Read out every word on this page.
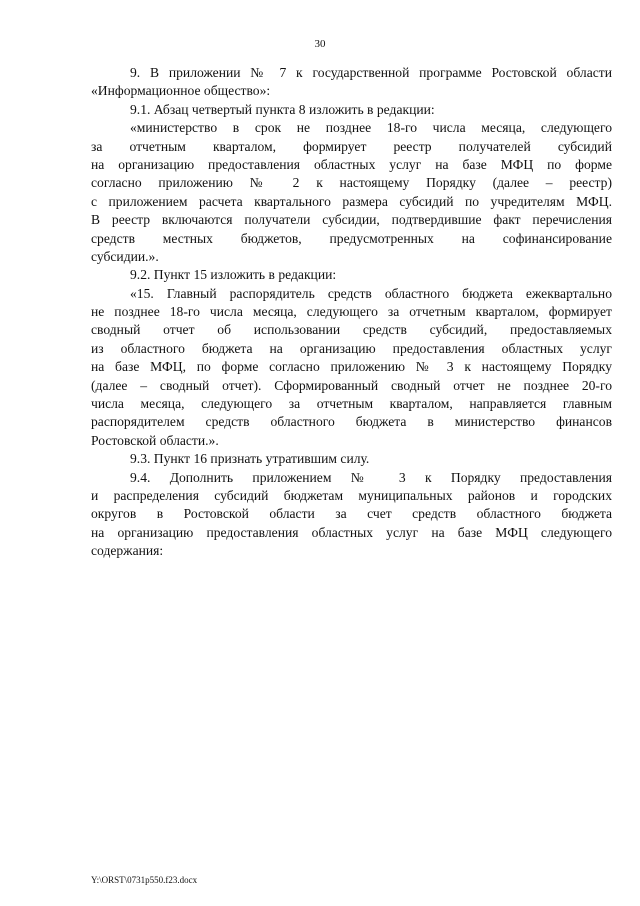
30
9. В приложении № 7 к государственной программе Ростовской области
«Информационное общество»:
9.1. Абзац четвертый пункта 8 изложить в редакции:
«министерство в срок не позднее 18-го числа месяца, следующего
за отчетным кварталом, формирует реестр получателей субсидий
на организацию предоставления областных услуг на базе МФЦ по форме
согласно приложению № 2 к настоящему Порядку (далее – реестр)
с приложением расчета квартального размера субсидий по учредителям МФЦ.
В реестр включаются получатели субсидии, подтвердившие факт перечисления
средств местных бюджетов, предусмотренных на софинансирование
субсидии.».
9.2. Пункт 15 изложить в редакции:
«15. Главный распорядитель средств областного бюджета ежеквартально
не позднее 18-го числа месяца, следующего за отчетным кварталом, формирует
сводный отчет об использовании средств субсидий, предоставляемых
из областного бюджета на организацию предоставления областных услуг
на базе МФЦ, по форме согласно приложению № 3 к настоящему Порядку
(далее – сводный отчет). Сформированный сводный отчет не позднее 20-го
числа месяца, следующего за отчетным кварталом, направляется главным
распорядителем средств областного бюджета в министерство финансов
Ростовской области.».
9.3. Пункт 16 признать утратившим силу.
9.4. Дополнить приложением № 3 к Порядку предоставления
и распределения субсидий бюджетам муниципальных районов и городских
округов в Ростовской области за счет средств областного бюджета
на организацию предоставления областных услуг на базе МФЦ следующего
содержания:
Y:\ORST\0731p550.f23.docx
